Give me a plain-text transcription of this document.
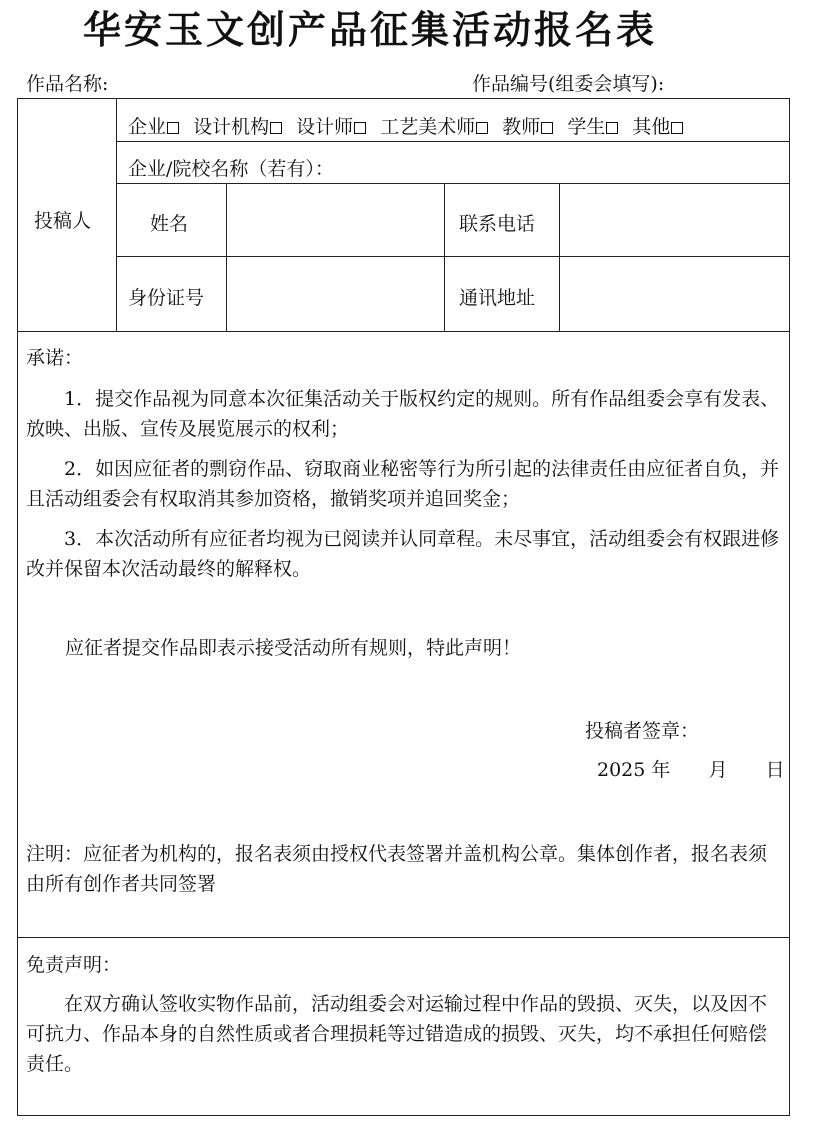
华安玉文创产品征集活动报名表
作品名称:	作品编号(组委会填写):
投稿人
企业 设计机构 设计师 工艺美术师 教师 学生 其他
企业/院校名称（若有）：
姓名	联系电话
身份证号	通讯地址
承诺：
1．提交作品视为同意本次征集活动关于版权约定的规则。所有作品组委会享有发表、放映、出版、宣传及展览展示的权利；
2．如因应征者的剽窃作品、窃取商业秘密等行为所引起的法律责任由应征者自负，并且活动组委会有权取消其参加资格，撤销奖项并追回奖金；
3．本次活动所有应征者均视为已阅读并认同章程。未尽事宜，活动组委会有权跟进修改并保留本次活动最终的解释权。
应征者提交作品即表示接受活动所有规则，特此声明！
投稿者签章：
2025 年 月 日
注明：应征者为机构的，报名表须由授权代表签署并盖机构公章。集体创作者，报名表须由所有创作者共同签署
免责声明：
在双方确认签收实物作品前，活动组委会对运输过程中作品的毁损、灭失，以及因不可抗力、作品本身的自然性质或者合理损耗等过错造成的损毁、灭失，均不承担任何赔偿责任。
